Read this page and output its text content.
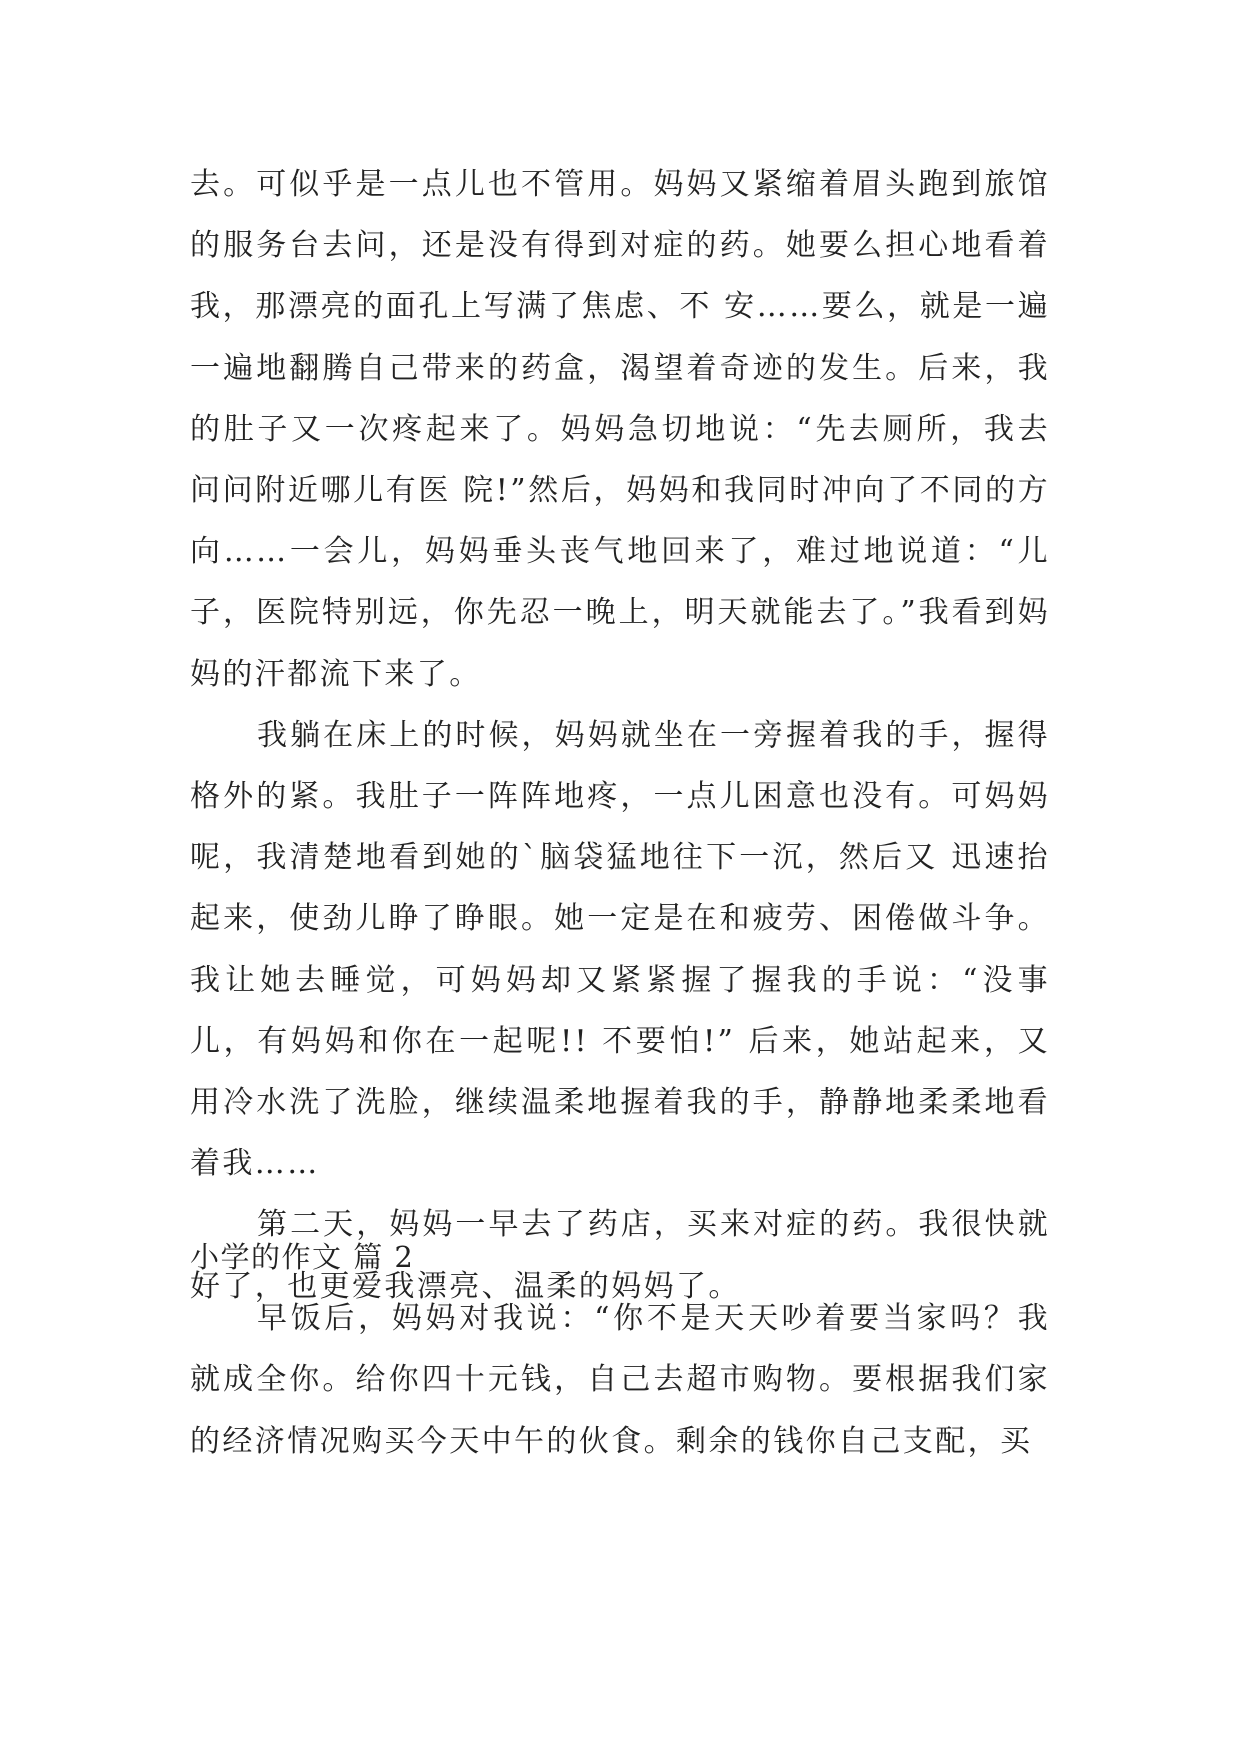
去。可似乎是一点儿也不管用。妈妈又紧缩着眉头跑到旅馆的服务台去问，还是没有得到对症的药。她要么担心地看着我，那漂亮的面孔上写满了焦虑、不 安……要么，就是一遍一遍地翻腾自己带来的药盒，渴望着奇迹的发生。后来，我的肚子又一次疼起来了。妈妈急切地说：“先去厕所，我去问问附近哪儿有医 院!”然后，妈妈和我同时冲向了不同的方向……一会儿，妈妈垂头丧气地回来了，难过地说道：“儿子，医院特别远，你先忍一晚上，明天就能去了。”我看到妈 妈的汗都流下来了。

我躺在床上的时候，妈妈就坐在一旁握着我的手，握得格外的紧。我肚子一阵阵地疼，一点儿困意也没有。可妈妈呢，我清楚地看到她的`脑袋猛地往下一沉，然后又 迅速抬起来，使劲儿睁了睁眼。她一定是在和疲劳、困倦做斗争。我让她去睡觉，可妈妈却又紧紧握了握我的手说：“没事儿，有妈妈和你在一起呢!! 不要怕!” 后来，她站起来，又用冷水洗了洗脸，继续温柔地握着我的手，静静地柔柔地看着我……

第二天，妈妈一早去了药店，买来对症的药。我很快就好了，也更爱我漂亮、温柔的妈妈了。

小学的作文 篇 2

早饭后，妈妈对我说：“你不是天天吵着要当家吗？我就成全你。给你四十元钱，自己去超市购物。要根据我们家的经济情况购买今天中午的伙食。剩余的钱你自己支配，买
